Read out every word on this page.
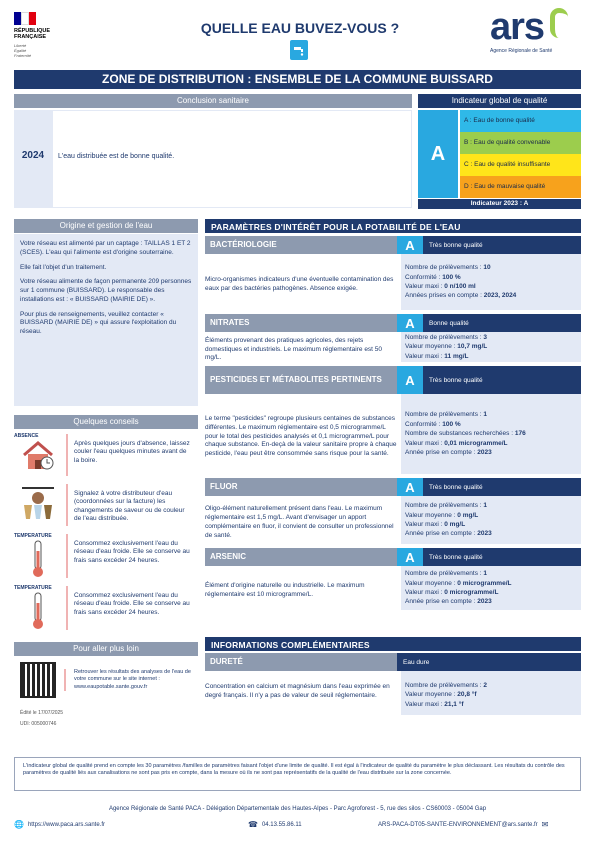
RÉPUBLIQUE FRANÇAISE
Liberté
Égalité
Fraternité
QUELLE EAU BUVEZ-VOUS ?	ars
Agence Régionale de Santé
ZONE DE DISTRIBUTION : ENSEMBLE DE LA COMMUNE BUISSARD
Conclusion sanitaire
2024	L'eau distribuée est de bonne qualité.
Indicateur global de qualité
A
A : Eau de bonne qualité
B : Eau de qualité convenable
C : Eau de qualité insuffisante
D : Eau de mauvaise qualité
Indicateur 2023 : A
Origine et gestion de l'eau

Votre réseau est alimenté par un captage : TAILLAS 1 ET 2 (SCES). L'eau qui l'alimente est d'origine souterraine.

Elle fait l'objet d'un traitement.

Votre réseau alimente de façon permanente 209 personnes sur 1 commune (BUISSARD). Le responsable des installations est : « BUISSARD (MAIRIE DE) ».

Pour plus de renseignements, veuillez contacter « BUISSARD (MAIRIE DE) » qui assure l'exploitation du réseau.

Quelques conseils
ABSENCE
Après quelques jours d'absence, laissez couler l'eau quelques minutes avant de la boire.
Signalez à votre distributeur d'eau (coordonnées sur la facture) les changements de saveur ou de couleur de l'eau distribuée.
TEMPERATURE
Consommez exclusivement l'eau du réseau d'eau froide. Elle se conserve au frais sans excéder 24 heures.
TEMPERATURE
Consommez exclusivement l'eau du réseau d'eau froide. Elle se conserve au frais sans excéder 24 heures.
Pour aller plus loin
Retrouver les résultats des analyses de l'eau de votre commune sur le site internet : www.eaupotable.sante.gouv.fr
Édité le 17/07/2025
UDI: 005000746
PARAMÈTRES D'INTÉRÊT POUR LA POTABILITÉ DE L'EAU
BACTÉRIOLOGIE	A	Très bonne qualité
Micro-organismes indicateurs d'une éventuelle contamination des eaux par des bactéries pathogènes. Absence exigée.

Nombre de prélèvements : 10

Conformité : 100 %

Valeur maxi : 0 n/100 ml

Années prises en compte : 2023, 2024

NITRATES	A	Bonne qualité
Éléments provenant des pratiques agricoles, des rejets domestiques et industriels. Le maximum réglementaire est 50 mg/L.

Nombre de prélèvements : 3

Valeur moyenne : 10,7 mg/L

Valeur maxi : 11 mg/L

PESTICIDES ET MÉTABOLITES PERTINENTS	A	Très bonne qualité
Le terme "pesticides" regroupe plusieurs centaines de substances différentes. Le maximum réglementaire est 0,5 microgramme/L pour le total des pesticides analysés et 0,1 microgramme/L pour chaque substance. En-deçà de la valeur sanitaire propre à chaque pesticide, l'eau peut être consommée sans risque pour la santé.

Nombre de prélèvements : 1

Conformité : 100 %

Nombre de substances recherchées : 176

Valeur maxi : 0,01 microgramme/L

Année prise en compte : 2023

FLUOR	A	Très bonne qualité
Oligo-élément naturellement présent dans l'eau. Le maximum réglementaire est 1,5 mg/L. Avant d'envisager un apport complémentaire en fluor, il convient de consulter un professionnel de santé.

Nombre de prélèvements : 1

Valeur moyenne : 0 mg/L

Valeur maxi : 0 mg/L

Année prise en compte : 2023

ARSENIC	A	Très bonne qualité
Élément d'origine naturelle ou industrielle. Le maximum réglementaire est 10 microgramme/L.

Nombre de prélèvements : 1

Valeur moyenne : 0 microgramme/L

Valeur maxi : 0 microgramme/L

Année prise en compte : 2023

INFORMATIONS COMPLÉMENTAIRES
DURETÉ	Eau dure
Concentration en calcium et magnésium dans l'eau exprimée en degré français. Il n'y a pas de valeur de seuil réglementaire.

Nombre de prélèvements : 2

Valeur moyenne : 20,8 °f

Valeur maxi : 21,1 °f

L'indicateur global de qualité prend en compte les 30 paramètres /familles de paramètres faisant l'objet d'une limite de qualité. Il est égal à l'indicateur de qualité du paramètre le plus déclassant. Les résultats du contrôle des paramètres de qualité liés aux canalisations ne sont pas pris en compte, dans la mesure où ils ne sont pas représentatifs de la qualité de l'eau distribuée sur la zone concernée.

Agence Régionale de Santé PACA - Délégation Départementale des Hautes-Alpes - Parc Agroforest - 5, rue des silos - CS60003 - 05004 Gap
🌐 https://www.paca.ars.sante.fr	☎ 04.13.55.86.11	ARS-PACA-DT05-SANTE-ENVIRONNEMENT@ars.sante.fr ✉
